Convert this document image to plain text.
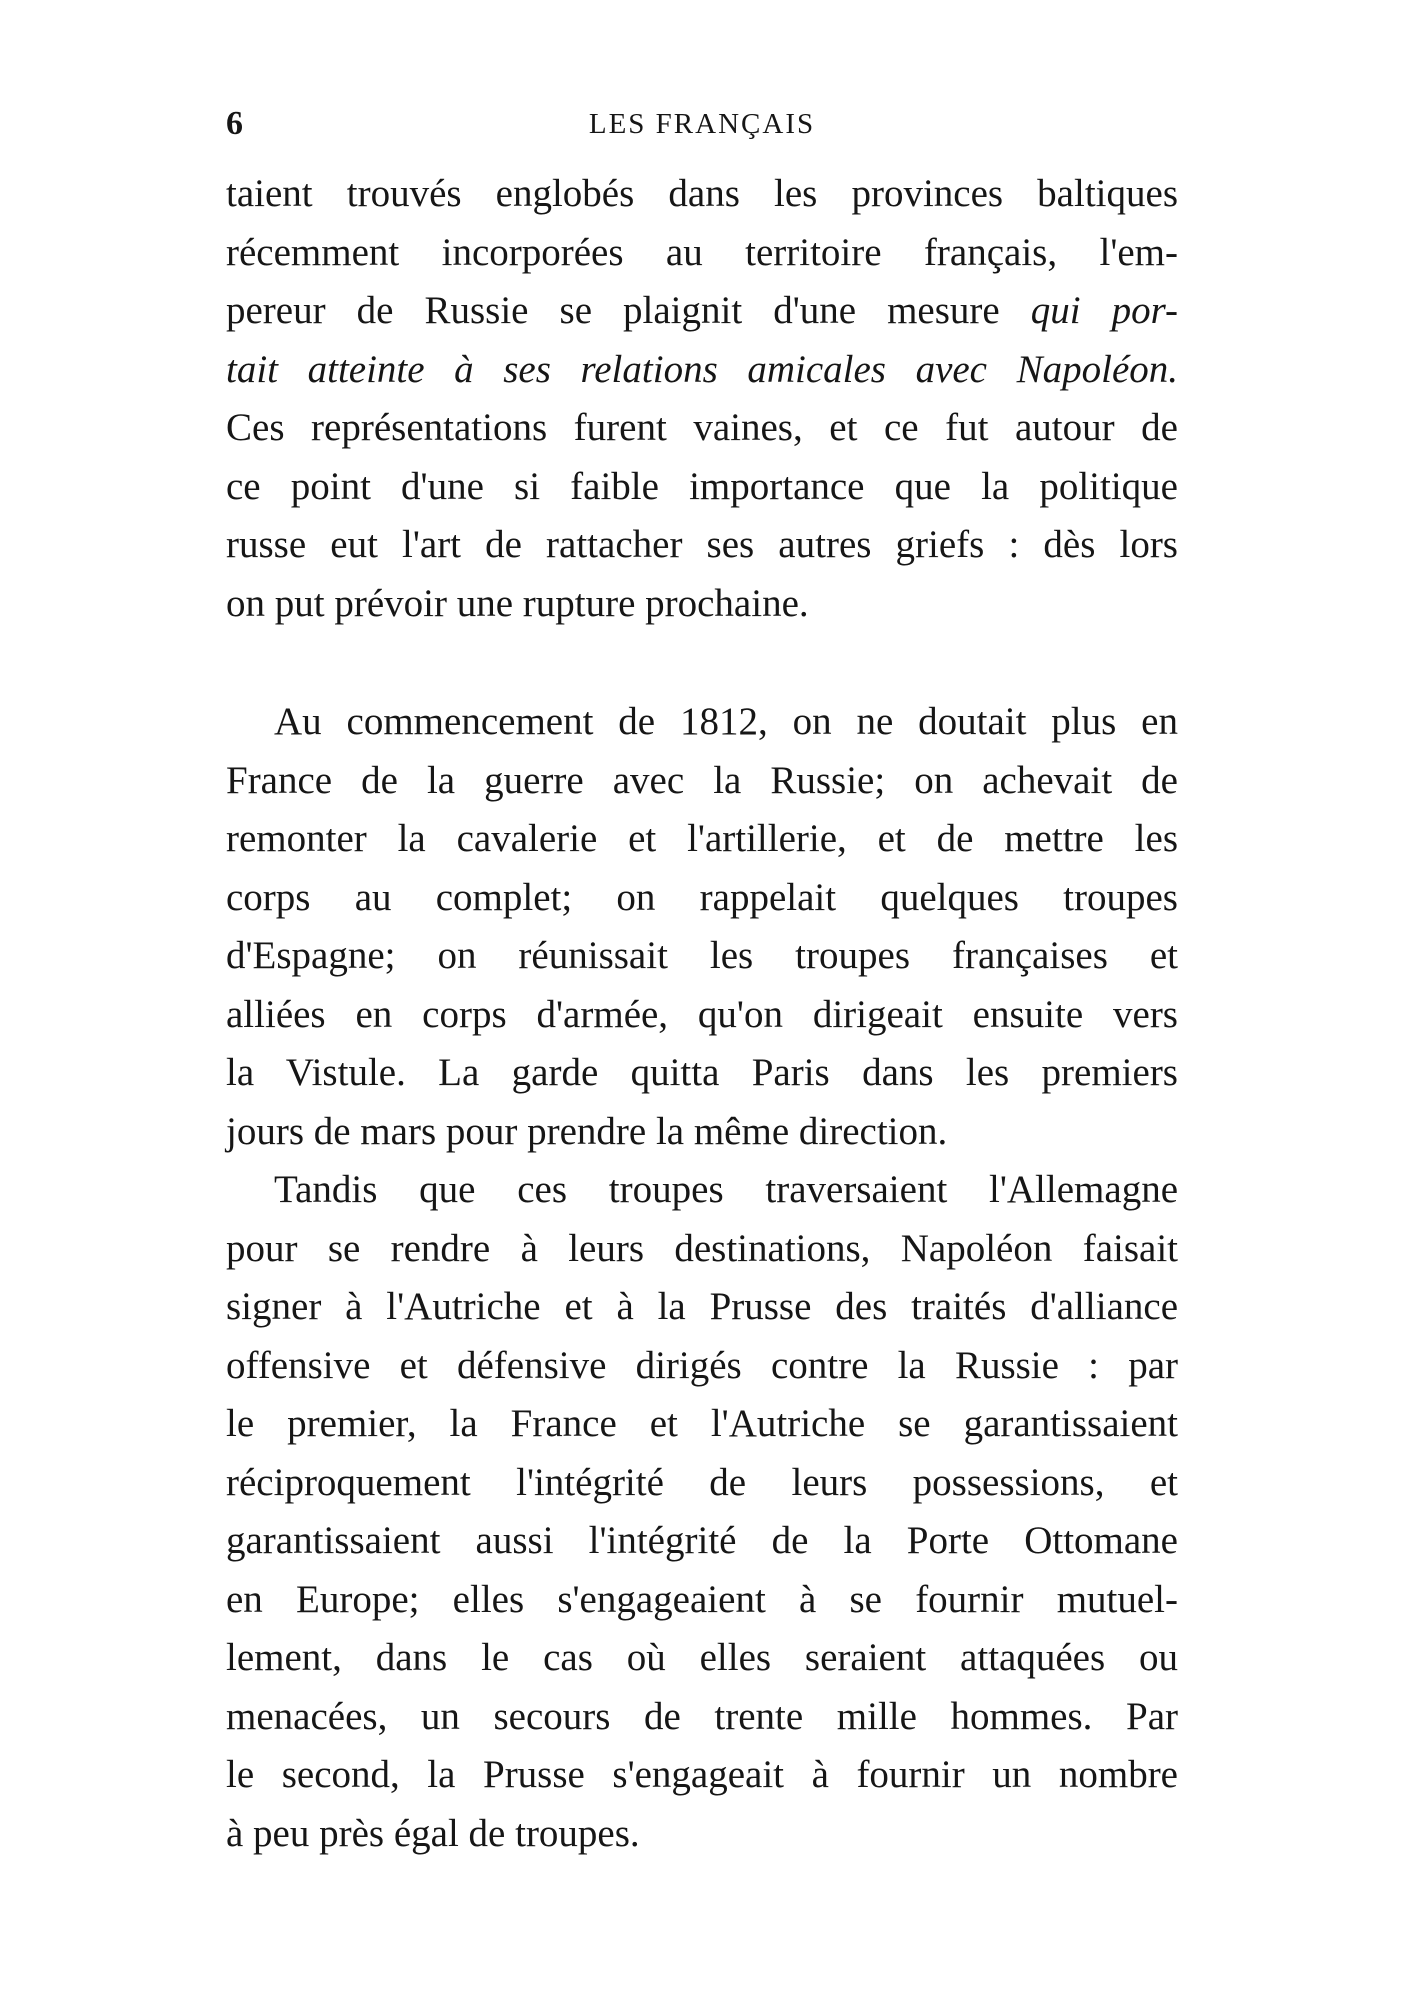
6	LES FRANÇAIS

taient trouvés englobés dans les provinces baltiques
récemment incorporées au territoire français, l'em-
pereur de Russie se plaignit d'une mesure qui por-
tait atteinte à ses relations amicales avec Napoléon.
Ces représentations furent vaines, et ce fut autour de
ce point d'une si faible importance que la politique
russe eut l'art de rattacher ses autres griefs : dès lors
on put prévoir une rupture prochaine.

Au commencement de 1812, on ne doutait plus en
France de la guerre avec la Russie; on achevait de
remonter la cavalerie et l'artillerie, et de mettre les
corps au complet; on rappelait quelques troupes
d'Espagne; on réunissait les troupes françaises et
alliées en corps d'armée, qu'on dirigeait ensuite vers
la Vistule. La garde quitta Paris dans les premiers
jours de mars pour prendre la même direction.

Tandis que ces troupes traversaient l'Allemagne
pour se rendre à leurs destinations, Napoléon faisait
signer à l'Autriche et à la Prusse des traités d'alliance
offensive et défensive dirigés contre la Russie : par
le premier, la France et l'Autriche se garantissaient
réciproquement l'intégrité de leurs possessions, et
garantissaient aussi l'intégrité de la Porte Ottomane
en Europe; elles s'engageaient à se fournir mutuel-
lement, dans le cas où elles seraient attaquées ou
menacées, un secours de trente mille hommes. Par
le second, la Prusse s'engageait à fournir un nombre
à peu près égal de troupes.
